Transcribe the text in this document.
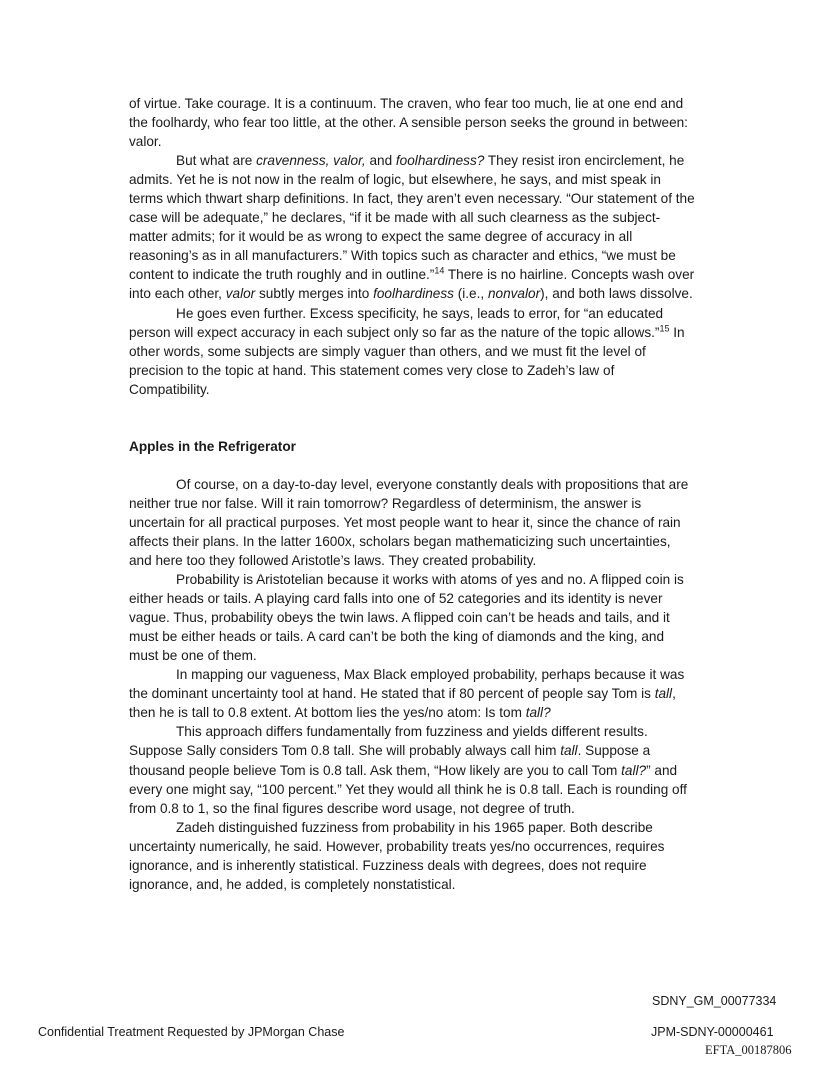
of virtue. Take courage. It is a continuum. The craven, who fear too much, lie at one end and the foolhardy, who fear too little, at the other. A sensible person seeks the ground in between: valor.

But what are cravenness, valor, and foolhardiness? They resist iron encirclement, he admits. Yet he is not now in the realm of logic, but elsewhere, he says, and mist speak in terms which thwart sharp definitions. In fact, they aren’t even necessary. “Our statement of the case will be adequate,” he declares, “if it be made with all such clearness as the subject-matter admits; for it would be as wrong to expect the same degree of accuracy in all reasoning’s as in all manufacturers.” With topics such as character and ethics, “we must be content to indicate the truth roughly and in outline.”$^{14}$ There is no hairline. Concepts wash over into each other, valor subtly merges into foolhardiness (i.e., nonvalor), and both laws dissolve.

He goes even further. Excess specificity, he says, leads to error, for “an educated person will expect accuracy in each subject only so far as the nature of the topic allows.”$^{15}$ In other words, some subjects are simply vaguer than others, and we must fit the level of precision to the topic at hand. This statement comes very close to Zadeh’s law of Compatibility.

Apples in the Refrigerator

Of course, on a day-to-day level, everyone constantly deals with propositions that are neither true nor false. Will it rain tomorrow? Regardless of determinism, the answer is uncertain for all practical purposes. Yet most people want to hear it, since the chance of rain affects their plans. In the latter 1600x, scholars began mathematicizing such uncertainties, and here too they followed Aristotle’s laws. They created probability.

Probability is Aristotelian because it works with atoms of yes and no. A flipped coin is either heads or tails. A playing card falls into one of 52 categories and its identity is never vague. Thus, probability obeys the twin laws. A flipped coin can’t be heads and tails, and it must be either heads or tails. A card can’t be both the king of diamonds and the king, and must be one of them.

In mapping our vagueness, Max Black employed probability, perhaps because it was the dominant uncertainty tool at hand. He stated that if 80 percent of people say Tom is tall, then he is tall to 0.8 extent. At bottom lies the yes/no atom: Is tom tall?

This approach differs fundamentally from fuzziness and yields different results. Suppose Sally considers Tom 0.8 tall. She will probably always call him tall. Suppose a thousand people believe Tom is 0.8 tall. Ask them, “How likely are you to call Tom tall?” and every one might say, “100 percent.” Yet they would all think he is 0.8 tall. Each is rounding off from 0.8 to 1, so the final figures describe word usage, not degree of truth.

Zadeh distinguished fuzziness from probability in his 1965 paper. Both describe uncertainty numerically, he said. However, probability treats yes/no occurrences, requires ignorance, and is inherently statistical. Fuzziness deals with degrees, does not require ignorance, and, he added, is completely nonstatistical.

SDNY_GM_00077334
Confidential Treatment Requested by JPMorgan Chase	JPM-SDNY-00000461
EFTA_00187806
